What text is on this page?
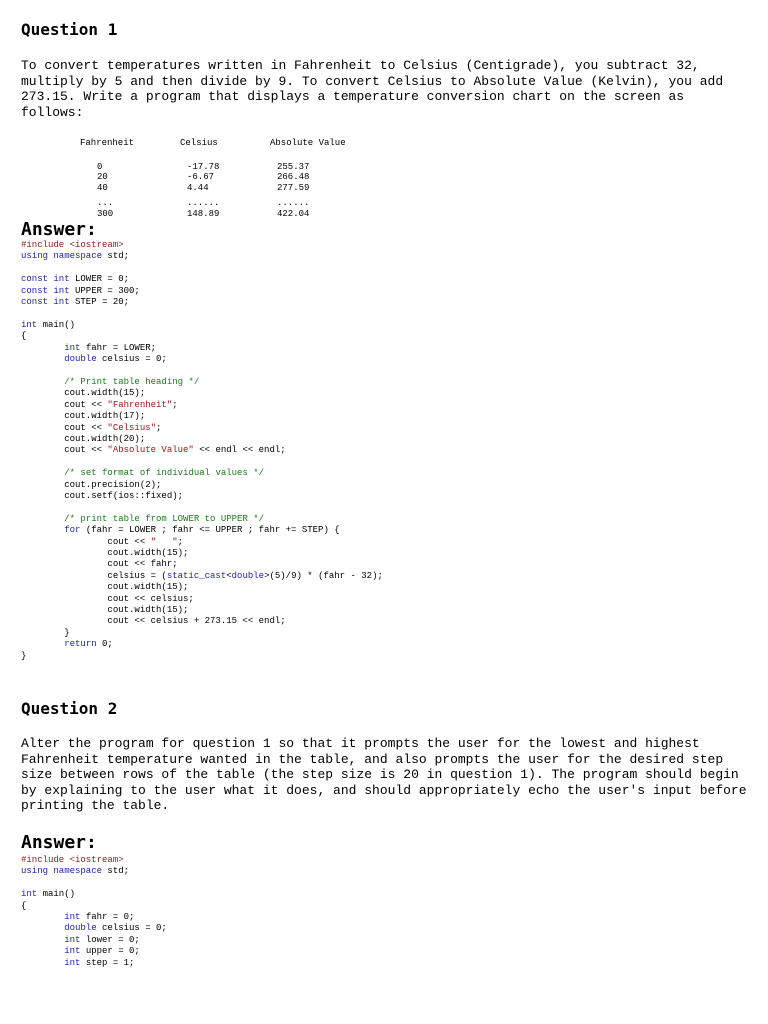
Question 1

To convert temperatures written in Fahrenheit to Celsius (Centigrade), you subtract 32, multiply by 5 and then divide by 9. To convert Celsius to Absolute Value (Kelvin), you add 273.15. Write a program that displays a temperature conversion chart on the screen as follows:

Fahrenheit	Celsius	Absolute Value
0	-17.78	255.37
20	-6.67	266.48
40	4.44	277.59
...	......	......
300	148.89	422.04
Answer:
#include <iostream>
using namespace std;
const int LOWER = 0;
const int UPPER = 300;
const int STEP = 20;
int main()
{
int fahr = LOWER;
double celsius = 0;
/* Print table heading */
cout.width(15);
cout << "Fahrenheit";
cout.width(17);
cout << "Celsius";
cout.width(20);
cout << "Absolute Value" << endl << endl;
/* set format of individual values */
cout.precision(2);
cout.setf(ios::fixed);
/* print table from LOWER to UPPER */
for (fahr = LOWER ; fahr <= UPPER ; fahr += STEP) {
cout << "   ";
cout.width(15);
cout << fahr;
celsius = (static_cast<double>(5)/9) * (fahr - 32);
cout.width(15);
cout << celsius;
cout.width(15);
cout << celsius + 273.15 << endl;
}
return 0;
}
Question 2

Alter the program for question 1 so that it prompts the user for the lowest and highest Fahrenheit temperature wanted in the table, and also prompts the user for the desired step size between rows of the table (the step size is 20 in question 1). The program should begin by explaining to the user what it does, and should appropriately echo the user's input before printing the table.

Answer:
#include <iostream>
using namespace std;
int main()
{
int fahr = 0;
double celsius = 0;
int lower = 0;
int upper = 0;
int step = 1;
